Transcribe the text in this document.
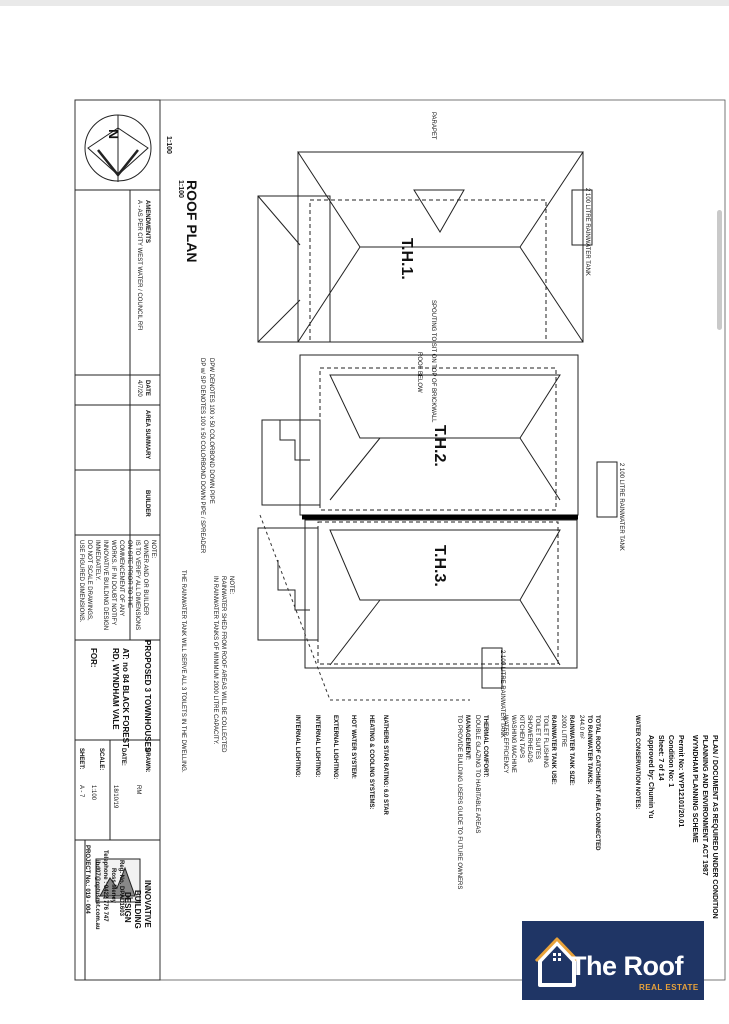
T.H.1.
T.H.2.
T.H.3.
ROOF PLAN
1:100
1:100
N	PARAPET
ROOF BELOW SPOUTING TO SIT ON TOP OF BRICKWALL
2 100 LITRE RAINWATER TANK
2 100 LITRE RAINWATER TANK
2 100 LITRE RAINWATER TANK
DPW DENOTES 100 x 50 COLORBOND DOWN PIPE
DP w/ SP DENOTES 100 x 50 COLORBOND DOWN PIPE / SPREADER
NOTE:
RAINWATER SHED FROM ROOF AREAS WILL BE COLLECTED
IN RAINWATER TANKS OF MINIMUM 2000 LITRE CAPACITY.
THE RAINWATER TANK WILL SERVE ALL 3 TOILETS IN THE DWELLING.
PLAN / DOCUMENT AS REQUIRED UNDER CONDITION
PLANNING AND ENVIRONMENT ACT 1987
WYNDHAM PLANNING SCHEME
Permit No: WYP12101/20.01
Condition No: 1
Sheet: 7 of 14
Approved by: Chumin Yu
WATER CONSERVATION NOTES:
TOTAL ROOF CATCHMENT AREA CONNECTED
TO RAINWATER TANKS:
244.0 m²
RAINWATER TANK SIZE:
2000 LITRE
RAINWATER TANK USE:
TOILET FLUSHING
TOILET SUITES
SHOWERHEADS
KITCHEN TAPS
WASHING MACHINE
WATER EFFICIENCY
NATHERS STAR RATING: 6.0 STAR	THERMAL COMFORT:
DOUBLE GLAZING TO HABITABLE AREAS
MANAGEMENT:
TO PROVIDE BUILDING USERS GUIDE TO FUTURE OWNERS
HEATING & COOLING SYSTEMS:
HOT WATER SYSTEM:
EXTERNAL LIGHTING:
INTERNAL LIGHTING:
INTERNAL LIGHTING:
AMENDMENTS
A - AS PER CITY WEST WATER / COUNCIL RFI
DATE
4/7/20
AREA SUMMARY
BUILDER
NOTE:
OWNER AND OR BUILDER
IS TO VERIFY ALL DIMENSIONS
ON SITE PRIOR TO THE
COMMENCEMENT OF ANY
WORKS. IF IN DOUBT NOTIFY
INNOVATIVE BUILDING DESIGN
IMMEDIATELY.
DO NOT SCALE DRAWINGS,
USE FIGURED DIMENSIONS.
PROPOSED 3 TOWNHOUSES
AT: no 84 BLACK FOREST
RD, WYNDHAM VALE
FOR:
DRAWN:
RM
DATE:
18/10/19
SCALE:
1:100
SHEET:
A - 7
INNOVATIVE
BUILDING
DESIGN
Reg. No. DPAD1603
Ross Meney
Telephone : 0422 776 747
ibd07@optusnet.com.au
PROJECT No.: 019 - 004
The Roof
REAL ESTATE
